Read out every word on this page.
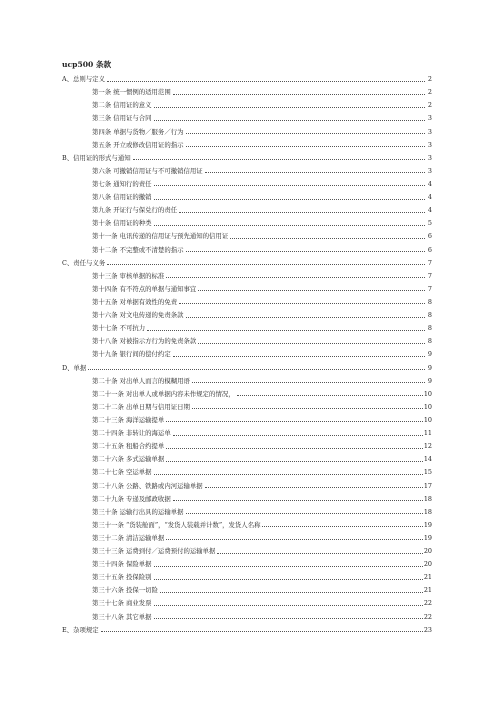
ucp500 条款
A、总则与定义	2
第一条 统一惯例的适用范围	2
第二条 信用证的意义	2
第三条 信用证与合同	3
第四条 单据与货物／服务／行为	3
第五条 开立或修改信用证的指示	3
B、信用证的形式与通知	3
第六条 可撤销信用证与不可撤销信用证	3
第七条 通知行的责任	4
第八条 信用证的撤销	4
第九条 开证行与保兑行的责任	4
第十条 信用证的种类	5
第十一条 电讯传递的信用证与预先通知的信用证	6
第十二条 不完整或不清楚的指示	6
C、责任与义务	7
第十三条 审核单据的标准	7
第十四条 有不符点的单据与通知事宜	7
第十五条 对单据有效性的免责	8
第十六条 对文电传递的免责条款	8
第十七条 不可抗力	8
第十八条 对被指示方行为的免责条款	8
第十九条 银行间的偿付约定	9
D、单据	9
第二十条 对出单人而言的模糊用语	9
第二十一条 对出单人或单据内容未作规定的情况，	10
第二十二条 出单日期与信用证日期	10
第二十三条 海洋运输提单	10
第二十四条 非转让的海运单	11
第二十五条 租船合约提单	12
第二十六条 多式运输单据	14
第二十七条 空运单据	15
第二十八条 公路、铁路或内河运输单据	17
第二十九条 专递及邮政收据	18
第三十条 运输行出具的运输单据	18
第三十一条 “货装舱面”，“发货人装载并计数”，发货人名称	19
第三十二条 清洁运输单据	19
第三十三条 运费到付／运费预付的运输单据	20
第三十四条 保险单据	20
第三十五条 投保险别	21
第三十六条 投保一切险	21
第三十七条 商业发票	22
第三十八条 其它单据	22
E、杂项规定	23
